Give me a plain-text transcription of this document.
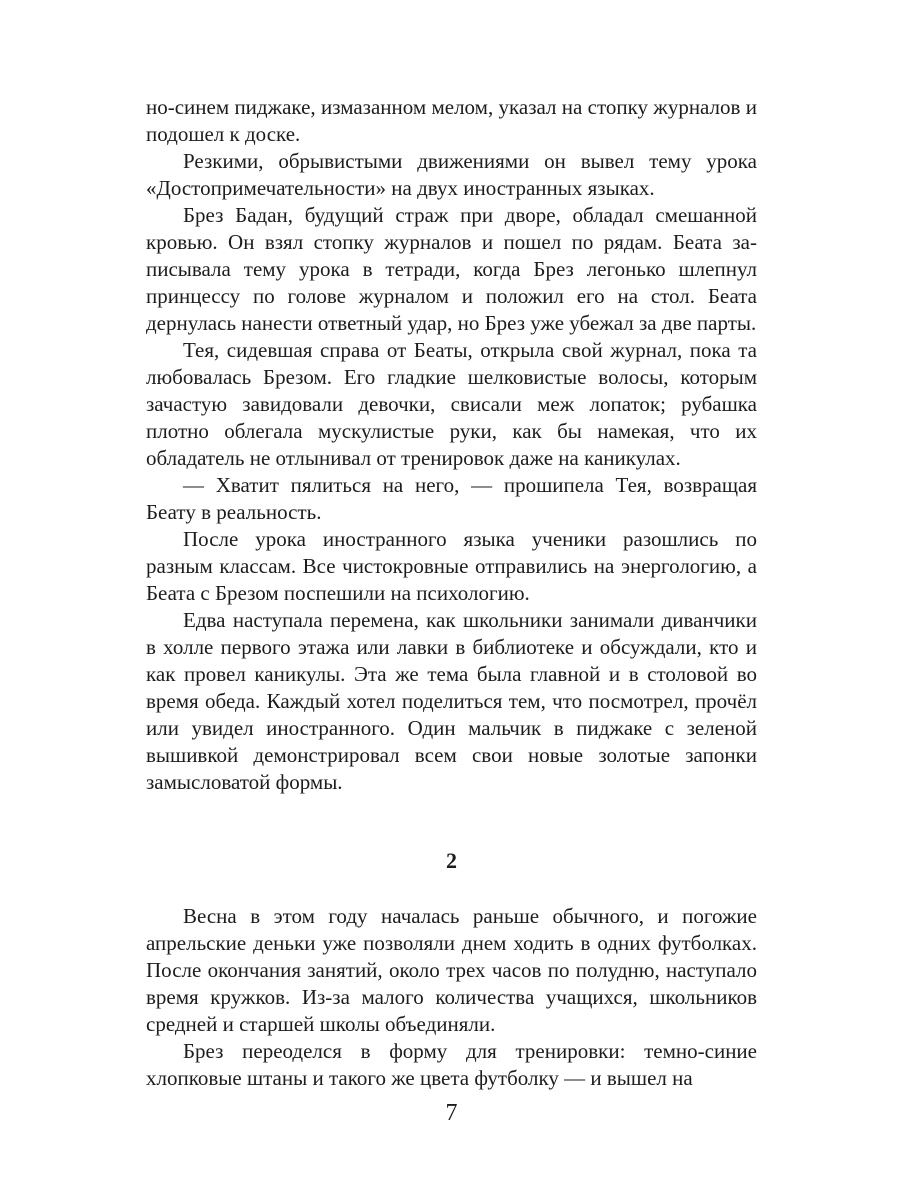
но-синем пиджаке, измазанном мелом, указал на стопку журналов и подошел к доске.

Резкими, обрывистыми движениями он вывел тему урока «Достопримечательности» на двух иностранных языках.

Брез Бадан, будущий страж при дворе, обладал смешанной кровью. Он взял стопку журналов и пошел по рядам. Беата записывала тему урока в тетради, когда Брез легонько шлепнул принцессу по голове журналом и положил его на стол. Беата дернулась нанести ответный удар, но Брез уже убежал за две парты.

Тея, сидевшая справа от Беаты, открыла свой журнал, пока та любовалась Брезом. Его гладкие шелковистые волосы, которым зачастую завидовали девочки, свисали меж лопаток; рубашка плотно облегала мускулистые руки, как бы намекая, что их обладатель не отлынивал от тренировок даже на каникулах.

— Хватит пялиться на него, — прошипела Тея, возвращая Беату в реальность.

После урока иностранного языка ученики разошлись по разным классам. Все чистокровные отправились на энергологию, а Беата с Брезом поспешили на психологию.

Едва наступала перемена, как школьники занимали диванчики в холле первого этажа или лавки в библиотеке и обсуждали, кто и как провел каникулы. Эта же тема была главной и в столовой во время обеда. Каждый хотел поделиться тем, что посмотрел, прочёл или увидел иностранного. Один мальчик в пиджаке с зеленой вышивкой демонстрировал всем свои новые золотые запонки замысловатой формы.

2

Весна в этом году началась раньше обычного, и погожие апрельские деньки уже позволяли днем ходить в одних футболках. После окончания занятий, около трех часов по полудню, наступало время кружков. Из-за малого количества учащихся, школьников средней и старшей школы объединяли.

Брез переоделся в форму для тренировки: темно-синие хлопковые штаны и такого же цвета футболку — и вышел на

7
